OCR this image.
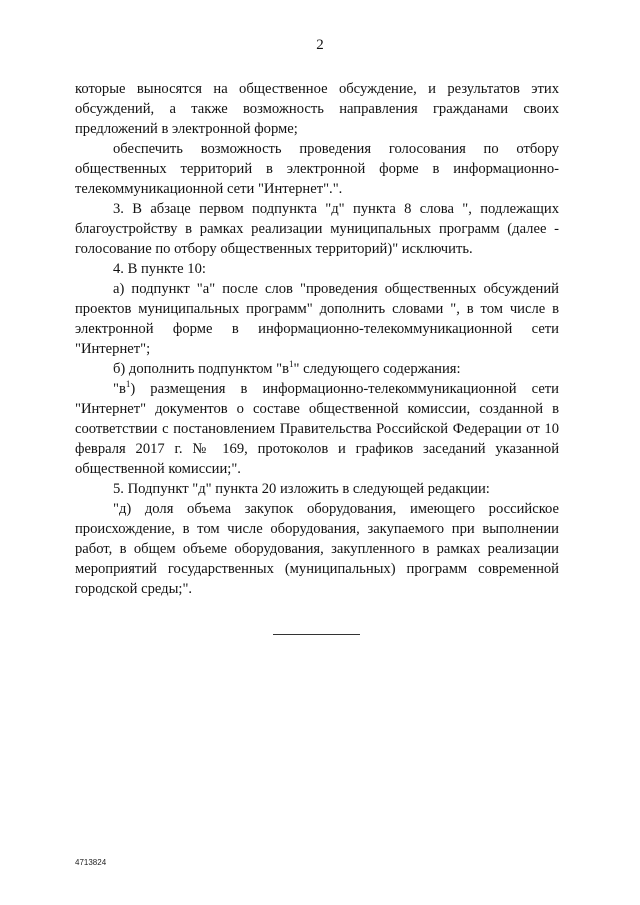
2

которые выносятся на общественное обсуждение, и результатов этих обсуждений, а также возможность направления гражданами своих предложений в электронной форме;

обеспечить возможность проведения голосования по отбору общественных территорий в электронной форме в информационно-телекоммуникационной сети "Интернет".".

3. В абзаце первом подпункта "д" пункта 8 слова ", подлежащих благоустройству в рамках реализации муниципальных программ (далее - голосование по отбору общественных территорий)" исключить.

4. В пункте 10:

а) подпункт "а" после слов "проведения общественных обсуждений проектов муниципальных программ" дополнить словами ", в том числе в электронной форме в информационно-телекоммуникационной сети "Интернет";

б) дополнить подпунктом "$в^1$" следующего содержания:

"$в^1$) размещения в информационно-телекоммуникационной сети "Интернет" документов о составе общественной комиссии, созданной в соответствии с постановлением Правительства Российской Федерации от 10 февраля 2017 г. № 169, протоколов и графиков заседаний указанной общественной комиссии;".

5. Подпункт "д" пункта 20 изложить в следующей редакции:

"д) доля объема закупок оборудования, имеющего российское происхождение, в том числе оборудования, закупаемого при выполнении работ, в общем объеме оборудования, закупленного в рамках реализации мероприятий государственных (муниципальных) программ современной городской среды;".

4713824
